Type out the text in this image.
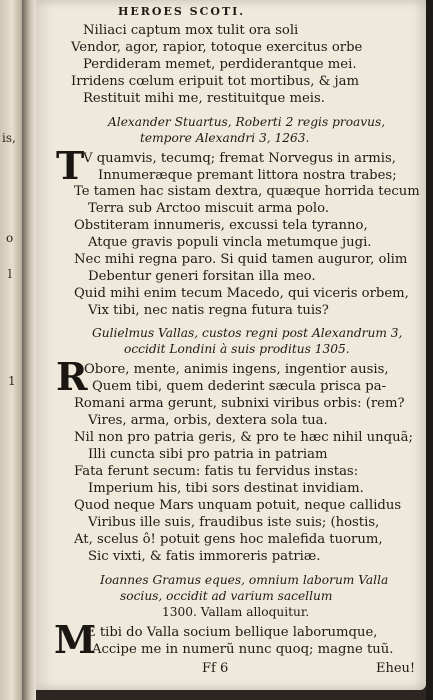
is,
o
l
1
HEROES SCOTI.
Niliaci captum mox tulit ora soli
Vendor, agor, rapior, totoque exercitus orbe
Perdideram memet, perdiderantque mei.
Irridens cœlum eripuit tot mortibus, & jam
Restituit mihi me, restituitque meis.
Alexander Stuartus, Roberti 2 regis proavus,
tempore Alexandri 3, 1263.
T
V quamvis, tecumq; fremat Norvegus in armis,
Innumeræque premant littora nostra trabes;
Te tamen hac sistam dextra, quæque horrida tecum
Terra sub Arctoo miscuit arma polo.
Obstiteram innumeris, excussi tela tyranno,
Atque gravis populi vincla metumque jugi.
Nec mihi regna paro. Si quid tamen auguror, olim
Debentur generi forsitan illa meo.
Quid mihi enim tecum Macedo, qui viceris orbem,
Vix tibi, nec natis regna futura tuis?
Gulielmus Vallas, custos regni post Alexandrum 3,
occidit Londini à suis proditus 1305.
R
Obore, mente, animis ingens, ingentior ausis,
Quem tibi, quem dederint sæcula prisca pa-
Romani arma gerunt, subnixi viribus orbis: (rem?
Vires, arma, orbis, dextera sola tua.
Nil non pro patria geris, & pro te hæc nihil unquã;
Illi cuncta sibi pro patria in patriam
Fata ferunt secum: fatis tu fervidus instas:
Imperium his, tibi sors destinat invidiam.
Quod neque Mars unquam potuit, neque callidus
Viribus ille suis, fraudibus iste suis; (hostis,
At, scelus ô! potuit gens hoc malefida tuorum,
Sic vixti, & fatis immoreris patriæ.
Ioannes Gramus eques, omnium laborum Valla
socius, occidit ad varium sacellum
1300. Vallam alloquitur.
M
E tibi do Valla socium bellique laborumque,
Accipe me in numerũ nunc quoq; magne tuũ.
Ff 6	Eheu!
